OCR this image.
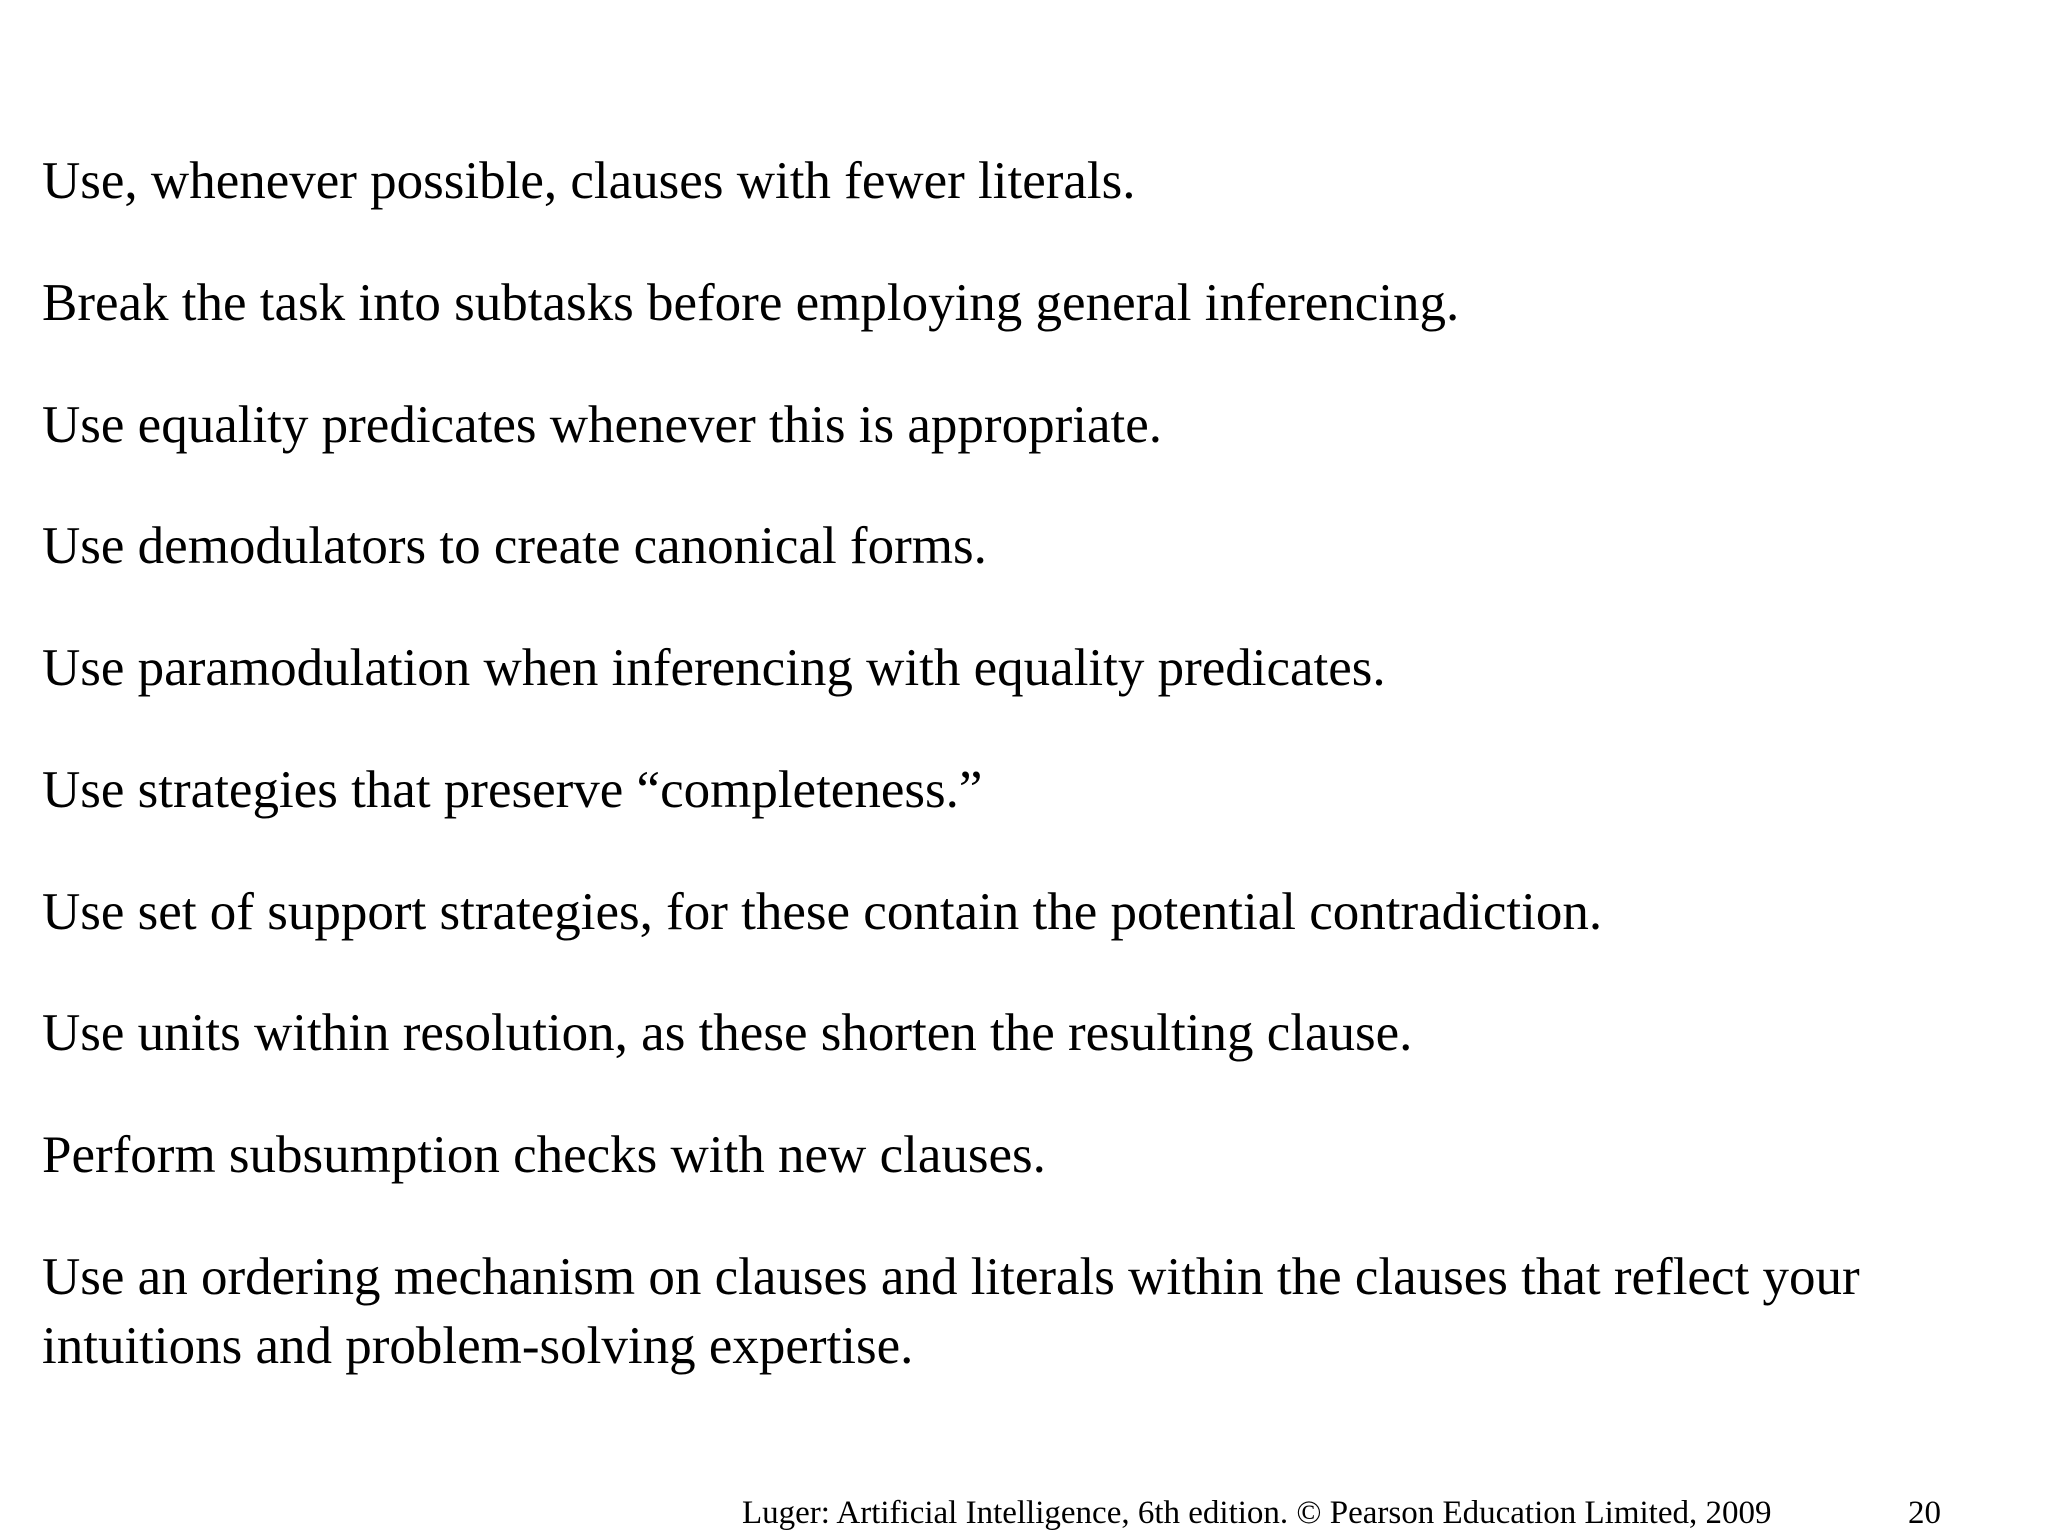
Use, whenever possible, clauses with fewer literals.

Break the task into subtasks before employing general inferencing.

Use equality predicates whenever this is appropriate.

Use demodulators to create canonical forms.

Use paramodulation when inferencing with equality predicates.

Use strategies that preserve “completeness.”

Use set of support strategies, for these contain the potential contradiction.

Use units within resolution, as these shorten the resulting clause.

Perform subsumption checks with new clauses.

Use an ordering mechanism on clauses and literals within the clauses that reflect your intuitions and problem-solving expertise.

Luger: Artificial Intelligence, 6th edition. © Pearson Education Limited, 2009	20
